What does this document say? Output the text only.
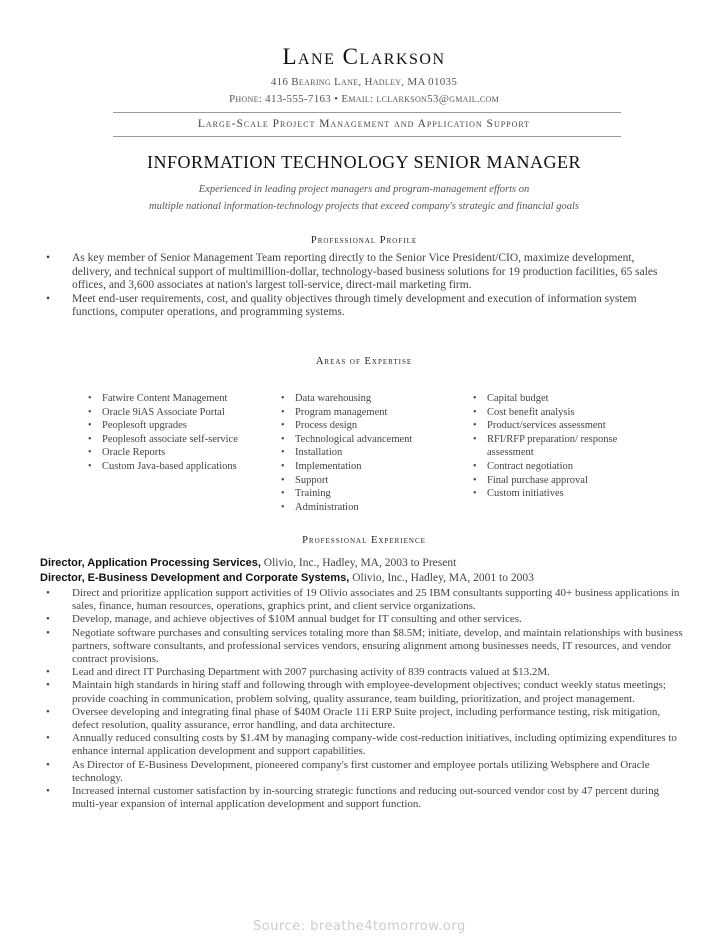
Lane Clarkson
416 Bearing Lane, Hadley, MA 01035
Phone: 413-555-7163 • Email: lclarkson53@gmail.com
Large-Scale Project Management and Application Support
INFORMATION TECHNOLOGY SENIOR MANAGER
Experienced in leading project managers and program-management efforts on
multiple national information-technology projects that exceed company's strategic and financial goals
Professional Profile
• As key member of Senior Management Team reporting directly to the Senior Vice President/CIO, maximize development, delivery, and technical support of multimillion-dollar, technology-based business solutions for 19 production facilities, 65 sales offices, and 3,600 associates at nation's largest toll-service, direct-mail marketing firm.
• Meet end-user requirements, cost, and quality objectives through timely development and execution of information system functions, computer operations, and programming systems.
Areas of Expertise
• Fatwire Content Management
• Oracle 9iAS Associate Portal
• Peoplesoft upgrades
• Peoplesoft associate self-service
• Oracle Reports
• Custom Java-based applications
• Data warehousing
• Program management
• Process design
• Technological advancement
• Installation
• Implementation
• Support
• Training
• Administration
• Capital budget
• Cost benefit analysis
• Product/services assessment
• RFI/RFP preparation/ response assessment
• Contract negotiation
• Final purchase approval
• Custom initiatives
Professional Experience
Director, Application Processing Services, Olivio, Inc., Hadley, MA, 2003 to Present
Director, E-Business Development and Corporate Systems, Olivio, Inc., Hadley, MA, 2001 to 2003
• Direct and prioritize application support activities of 19 Olivio associates and 25 IBM consultants supporting 40+ business applications in sales, finance, human resources, operations, graphics print, and client service organizations.
• Develop, manage, and achieve objectives of $10M annual budget for IT consulting and other services.
• Negotiate software purchases and consulting services totaling more than $8.5M; initiate, develop, and maintain relationships with business partners, software consultants, and professional services vendors, ensuring alignment among businesses needs, IT resources, and vendor contract provisions.
• Lead and direct IT Purchasing Department with 2007 purchasing activity of 839 contracts valued at $13.2M.
• Maintain high standards in hiring staff and following through with employee-development objectives; conduct weekly status meetings; provide coaching in communication, problem solving, quality assurance, team building, prioritization, and project management.
• Oversee developing and integrating final phase of $40M Oracle 11i ERP Suite project, including performance testing, risk mitigation, defect resolution, quality assurance, error handling, and data architecture.
• Annually reduced consulting costs by $1.4M by managing company-wide cost-reduction initiatives, including optimizing expenditures to enhance internal application development and support capabilities.
• As Director of E-Business Development, pioneered company's first customer and employee portals utilizing Websphere and Oracle technology.
• Increased internal customer satisfaction by in-sourcing strategic functions and reducing out-sourced vendor cost by 47 percent during multi-year expansion of internal application development and support function.
Source: breathe4tomorrow.org
